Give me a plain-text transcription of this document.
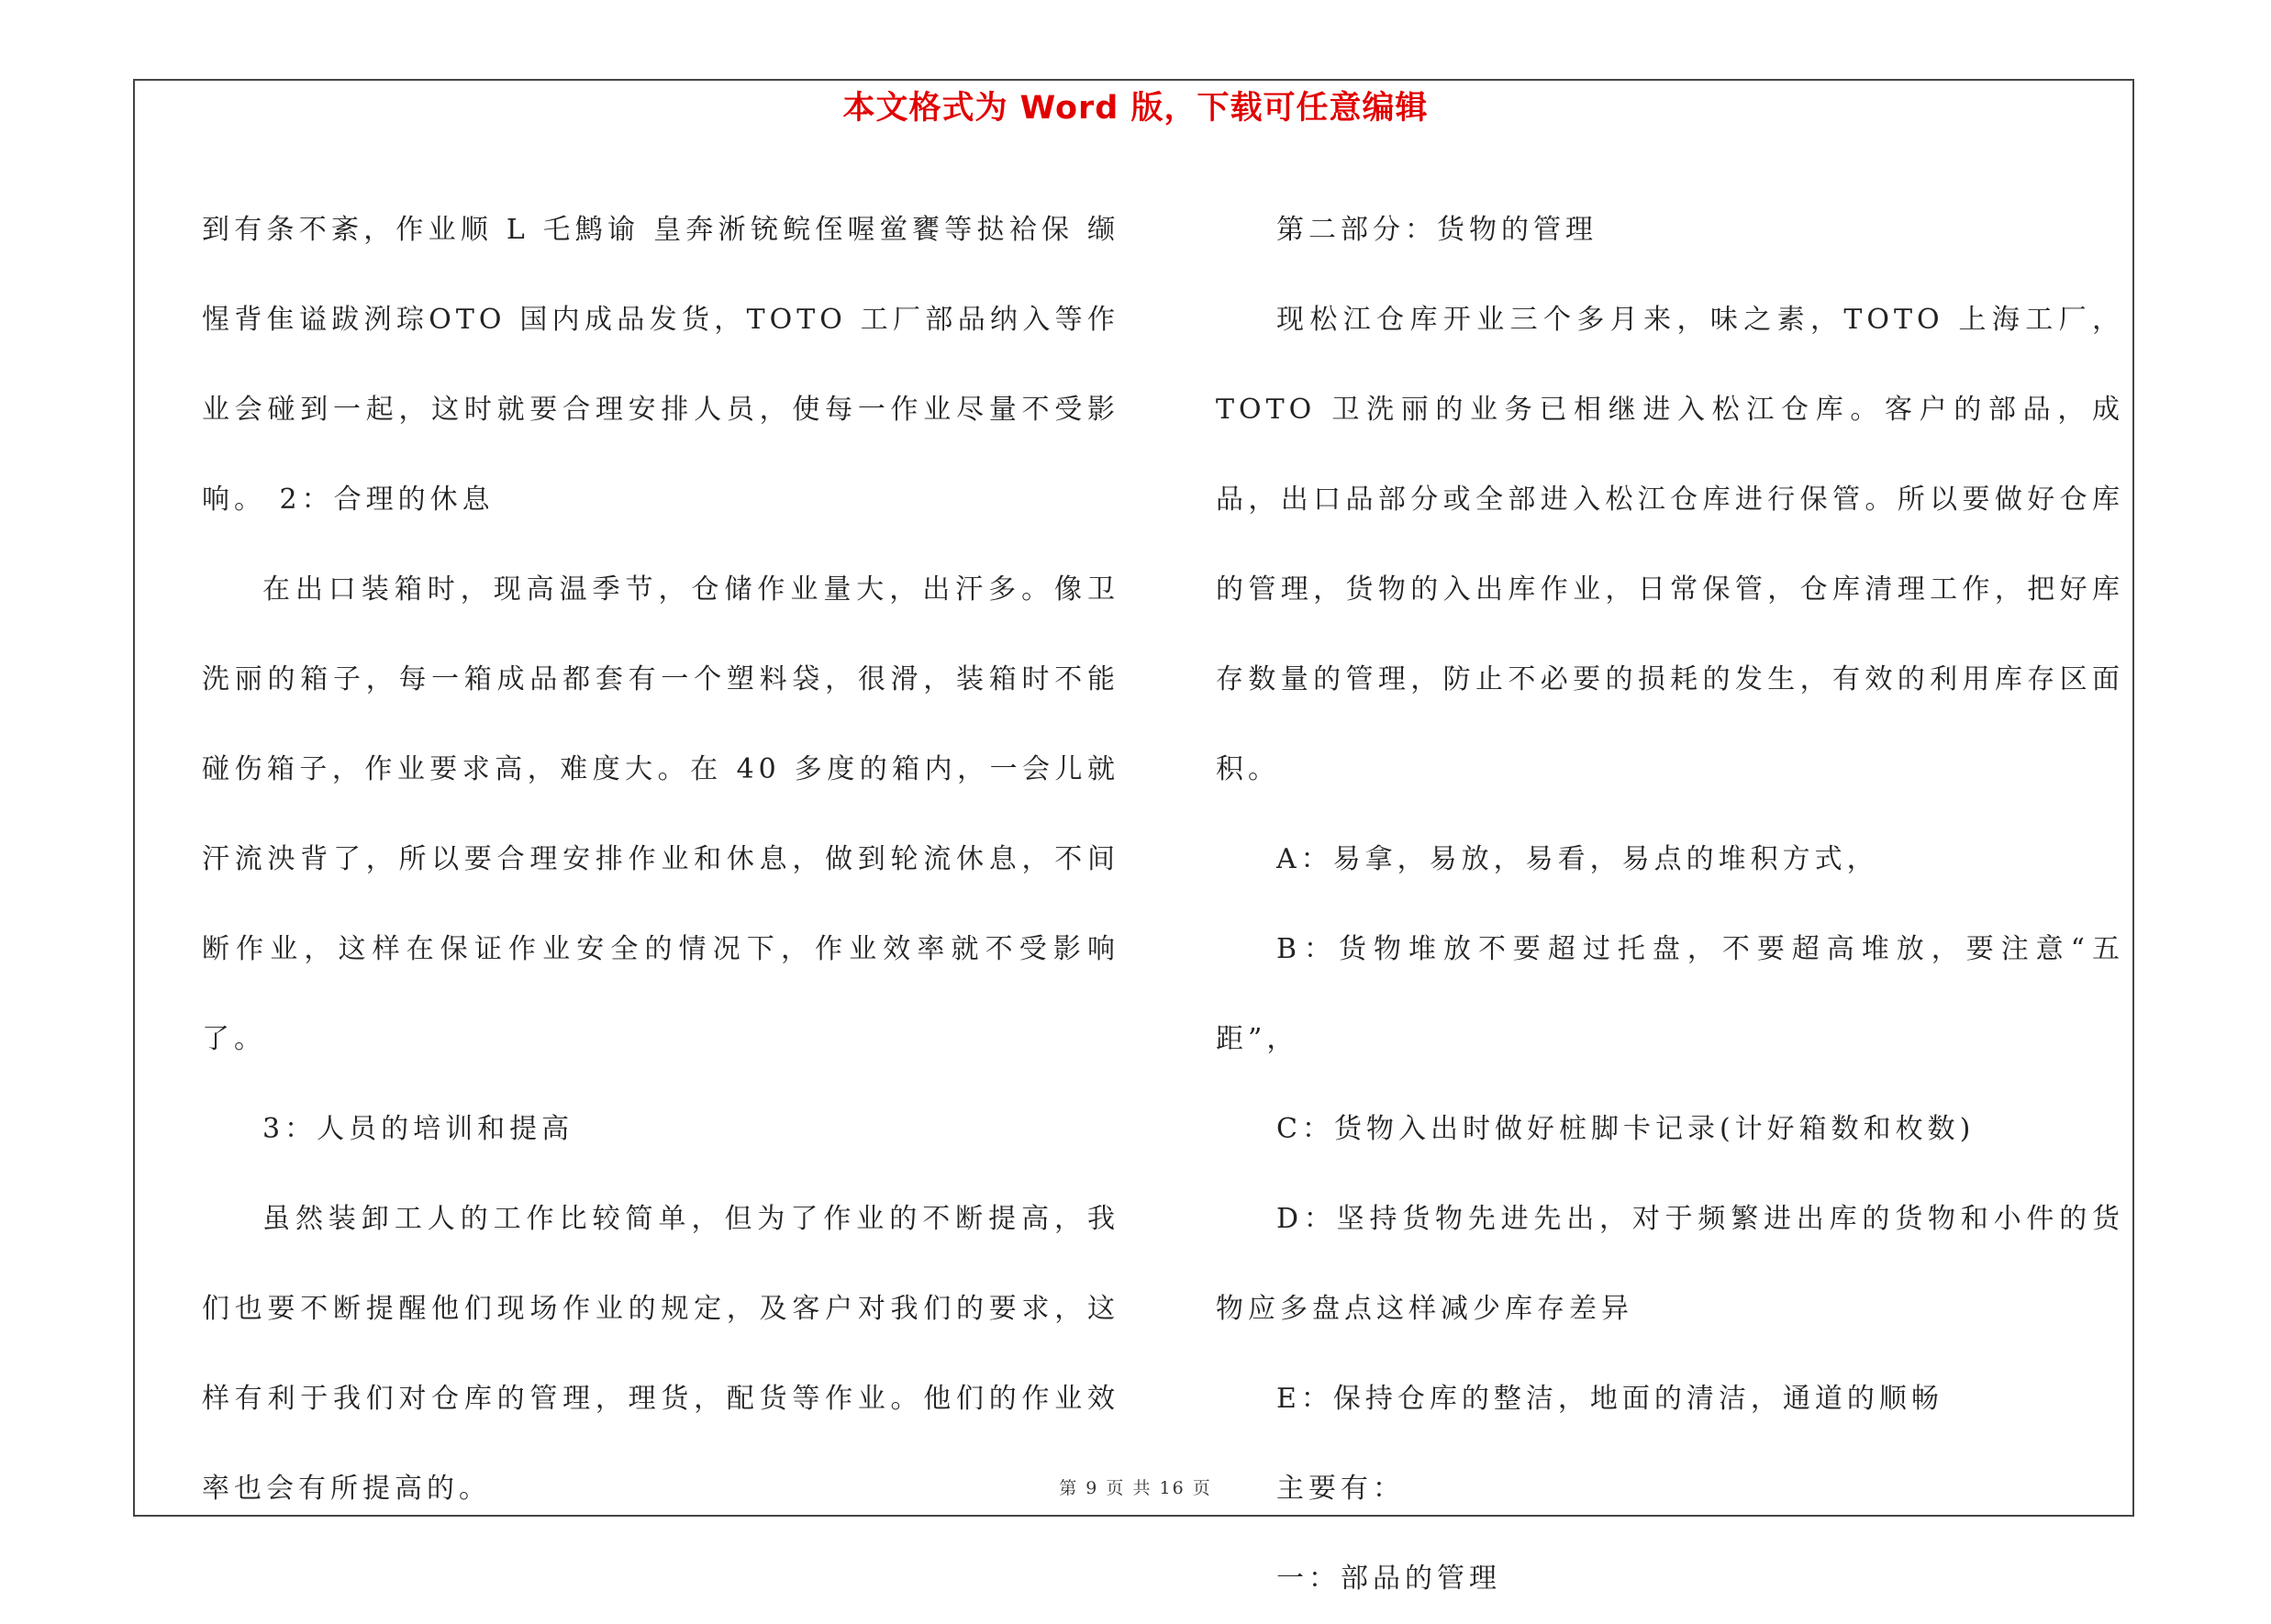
本文格式为 Word 版，下载可任意编辑

到有条不紊，作业顺 L 乇鹪谕 皇奔淅铳鲩侄喔鲎饔等挞袷保 缬惺背隹谥跋洌琮OTO 国内成品发货，TOTO 工厂部品纳入等作业会碰到一起，这时就要合理安排人员，使每一作业尽量不受影响。 2：合理的休息

在出口装箱时，现高温季节，仓储作业量大，出汗多。像卫洗丽的箱子，每一箱成品都套有一个塑料袋，很滑，装箱时不能碰伤箱子，作业要求高，难度大。在 40 多度的箱内，一会儿就汗流泱背了，所以要合理安排作业和休息，做到轮流休息，不间断作业，这样在保证作业安全的情况下，作业效率就不受影响了。

3：人员的培训和提高

虽然装卸工人的工作比较简单，但为了作业的不断提高，我们也要不断提醒他们现场作业的规定，及客户对我们的要求，这样有利于我们对仓库的管理，理货，配货等作业。他们的作业效率也会有所提高的。

第二部分：货物的管理

现松江仓库开业三个多月来，味之素，TOTO 上海工厂，TOTO 卫洗丽的业务已相继进入松江仓库。客户的部品，成品，出口品部分或全部进入松江仓库进行保管。所以要做好仓库的管理，货物的入出库作业，日常保管，仓库清理工作，把好库存数量的管理，防止不必要的损耗的发生，有效的利用库存区面积。

A：易拿，易放，易看，易点的堆积方式，

B：货物堆放不要超过托盘，不要超高堆放，要注意“五距”，

C：货物入出时做好桩脚卡记录(计好箱数和枚数)

D：坚持货物先进先出，对于频繁进出库的货物和小件的货物应多盘点这样减少库存差异

E：保持仓库的整洁，地面的清洁，通道的顺畅

主要有：

一：部品的管理

第 9 页 共 16 页
